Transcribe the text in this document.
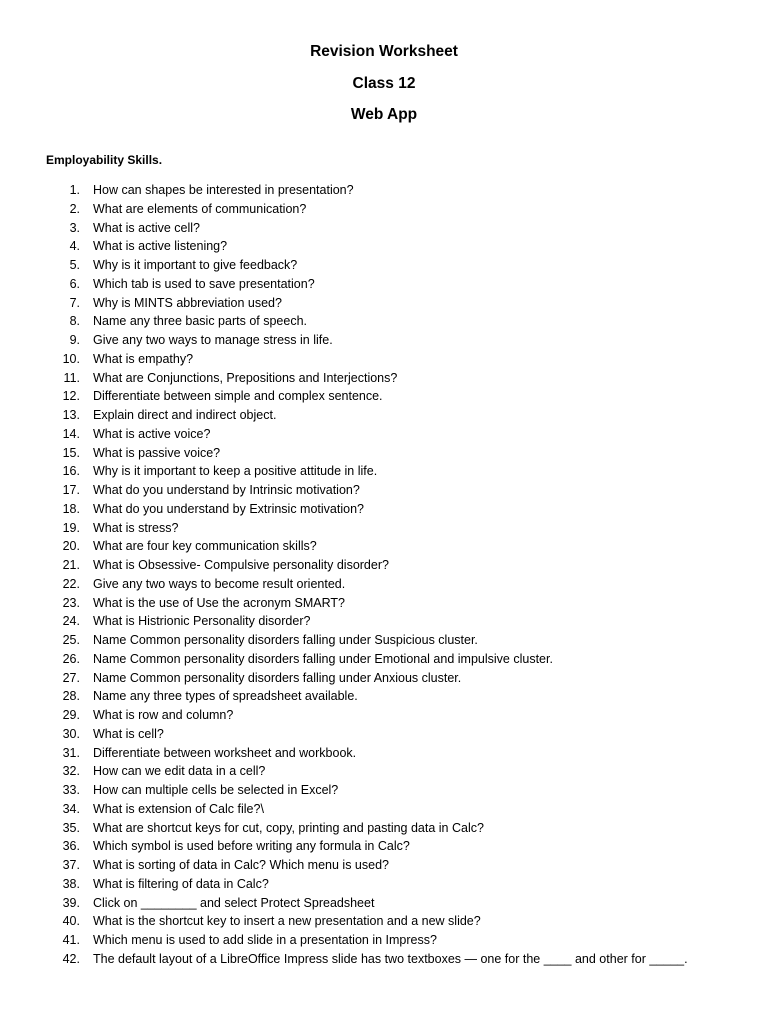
Revision Worksheet
Class 12
Web App
Employability Skills.
1. How can shapes be interested in presentation?
2. What are elements of communication?
3. What is active cell?
4. What is active listening?
5. Why is it important to give feedback?
6. Which tab is used to save presentation?
7. Why is MINTS abbreviation used?
8. Name any three basic parts of speech.
9. Give any two ways to manage stress in life.
10. What is empathy?
11. What are Conjunctions, Prepositions and Interjections?
12. Differentiate between simple and complex sentence.
13. Explain direct and indirect object.
14. What is active voice?
15. What is passive voice?
16. Why is it important to keep a positive attitude in life.
17. What do you understand by Intrinsic motivation?
18. What do you understand by Extrinsic motivation?
19. What is stress?
20. What are four key communication skills?
21. What is Obsessive- Compulsive personality disorder?
22. Give any two ways to become result oriented.
23. What is the use of Use the acronym SMART?
24. What is Histrionic Personality disorder?
25. Name Common personality disorders falling under Suspicious cluster.
26. Name Common personality disorders falling under Emotional and impulsive cluster.
27. Name Common personality disorders falling under Anxious cluster.
28. Name any three types of spreadsheet available.
29. What is row and column?
30. What is cell?
31. Differentiate between worksheet and workbook.
32. How can we edit data in a cell?
33. How can multiple cells be selected in Excel?
34. What is extension of Calc file?\
35. What are shortcut keys for cut, copy, printing and pasting data in Calc?
36. Which symbol is used before writing any formula in Calc?
37. What is sorting of data in Calc? Which menu is used?
38. What is filtering of data in Calc?
39. Click on ________ and select Protect Spreadsheet
40. What is the shortcut key to insert a new presentation and a new slide?
41. Which menu is used to add slide in a presentation in Impress?
42. The default layout of a LibreOffice Impress slide has two textboxes — one for the ____ and other for _____.
